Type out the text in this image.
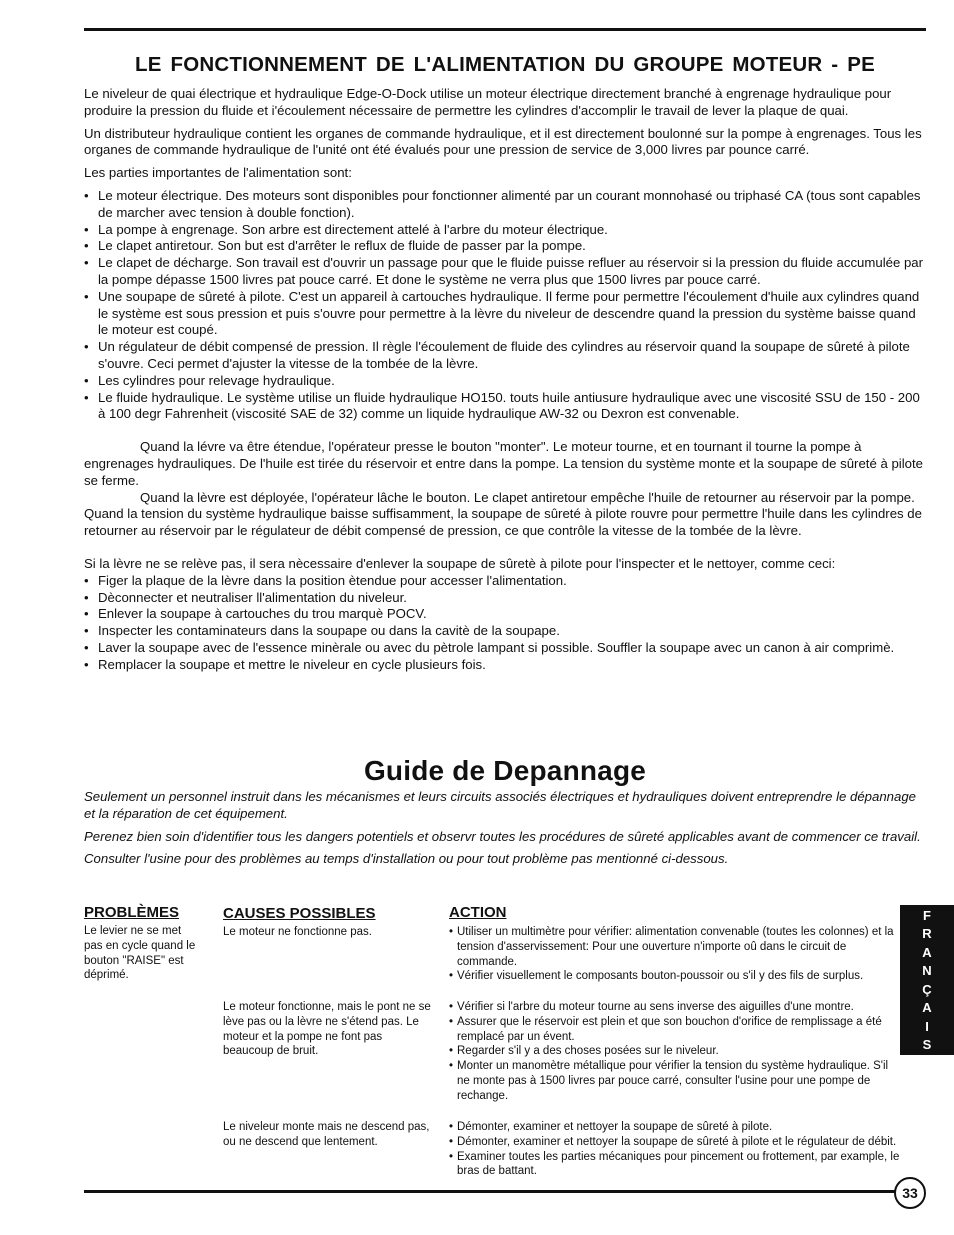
LE FONCTIONNEMENT DE L'ALIMENTATION DU GROUPE MOTEUR - PE

Le niveleur de quai électrique et hydraulique Edge-O-Dock utilise un moteur électrique directement branché à engrenage hydraulique pour produire la pression du fluide et i'écoulement nécessaire de permettre les cylindres d'accomplir le travail de lever la plaque de quai.

Un distributeur hydraulique contient les organes de commande hydraulique, et il est directement boulonné sur la pompe à engrenages. Tous les organes de commande hydraulique de l'unité ont été évalués pour une pression de service de 3,000 livres par pounce carré.

Les parties importantes de l'alimentation sont:

• Le moteur électrique. Des moteurs sont disponibles pour fonctionner alimenté par un courant monnohasé ou triphasé CA (tous sont capables de marcher avec tension à double fonction).
• La pompe à engrenage. Son arbre est directement attelé à l'arbre du moteur électrique.
• Le clapet antiretour. Son but est d'arrêter le reflux de fluide de passer par la pompe.
• Le clapet de décharge. Son travail est d'ouvrir un passage pour que le fluide puisse refluer au réservoir si la pression du fluide accumulée par la pompe dépasse 1500 livres pat pouce carré. Et done le système ne verra plus que 1500 livres par pouce carré.
• Une soupape de sûreté à pilote. C'est un appareil à cartouches hydraulique. Il ferme pour permettre l'écoulement d'huile aux cylindres quand le système est sous pression et puis s'ouvre pour permettre à la lèvre du niveleur de descendre quand la pression du système baisse quand le moteur est coupé.
• Un régulateur de débit compensé de pression. Il règle l'écoulement de fluide des cylindres au réservoir quand la soupape de sûreté à pilote s'ouvre. Ceci permet d'ajuster la vitesse de la tombée de la lèvre.
• Les cylindres pour relevage hydraulique.
• Le fluide hydraulique. Le système utilise un fluide hydraulique HO150. touts huile antiusure hydraulique avec une viscosité SSU de 150 - 200 à 100 degr Fahrenheit (viscosité SAE de 32) comme un liquide hydraulique AW-32 ou Dexron est convenable.
Quand la lévre va être étendue, l'opérateur presse le bouton "monter". Le moteur tourne, et en tournant il tourne la pompe à engrenages hydrauliques. De l'huile est tirée du réservoir et entre dans la pompe. La tension du système monte et la soupape de sûreté à pilote se ferme.
Quand la lèvre est déployée, l'opérateur lâche le bouton. Le clapet antiretour empêche l'huile de retourner au réservoir par la pompe. Quand la tension du système hydraulique baisse suffisamment, la soupape de sûreté à pilote rouvre pour permettre l'huile dans les cylindres de retourner au réservoir par le régulateur de débit compensé de pression, ce que contrôle la vitesse de la tombée de la lèvre.
Si la lèvre ne se relève pas, il sera nècessaire d'enlever la soupape de sûretè à pilote pour l'inspecter et le nettoyer, comme ceci:
• Figer la plaque de la lèvre dans la position ètendue pour accesser l'alimentation.
• Dèconnecter et neutraliser ll'alimentation du niveleur.
• Enlever la soupape à cartouches du trou marquè POCV.
• Inspecter les contaminateurs dans la soupape ou dans la cavitè de la soupape.
• Laver la soupape avec de l'essence minèrale ou avec du pètrole lampant si possible. Souffler la soupape avec un canon à air comprimè.
• Remplacer la soupape et mettre le niveleur en cycle plusieurs fois.
Guide de Depannage

Seulement un personnel instruit dans les mécanismes et leurs circuits associés électriques et hydrauliques doivent entreprendre le dépannage et la réparation de cet équipement.

Perenez bien soin d'identifier tous les dangers potentiels et observr toutes les procédures de sûreté applicables avant de commencer ce travail.

Consulter l'usine pour des problèmes au temps d'installation ou pour tout problème pas mentionné ci-dessous.

PROBLÈMES	CAUSES POSSIBLES	ACTION
Le levier ne se met pas en cycle quand le bouton "RAISE" est déprimé.
Le moteur ne fonctionne pas.
•	Utiliser un multimètre pour vérifier: alimentation convenable (toutes les colonnes) et la tension d'asservissement: Pour une ouverture n'importe oû dans le circuit de commande.
• Vérifier visuellement le composants bouton-poussoir ou s'il y des fils de surplus.
Le moteur fonctionne, mais le pont ne se lève pas ou la lèvre ne s'étend pas. Le moteur et la pompe ne font pas beaucoup de bruit.
• Vérifier si l'arbre du moteur tourne au sens inverse des aiguilles d'une montre.
• Assurer que le réservoir est plein et que son bouchon d'orifice de remplissage a été remplacé par un évent.
• Regarder s'il y a des choses posées sur le niveleur.
• Monter un manomètre métallique pour vérifier la tension du système hydraulique. S'il ne monte pas à 1500 livres par pouce carré, consulter l'usine pour une pompe de rechange.
Le niveleur monte mais ne descend pas, ou ne descend que lentement.
• Démonter, examiner et nettoyer la soupape de sûreté à pilote.
• Démonter, examiner et nettoyer la soupape de sûreté à pilote et le régulateur de débit.
• Examiner toutes les parties mécaniques pour pincement ou frottement, par example, le bras de battant.
F
R
A
N
Ç
A
I
S
33
